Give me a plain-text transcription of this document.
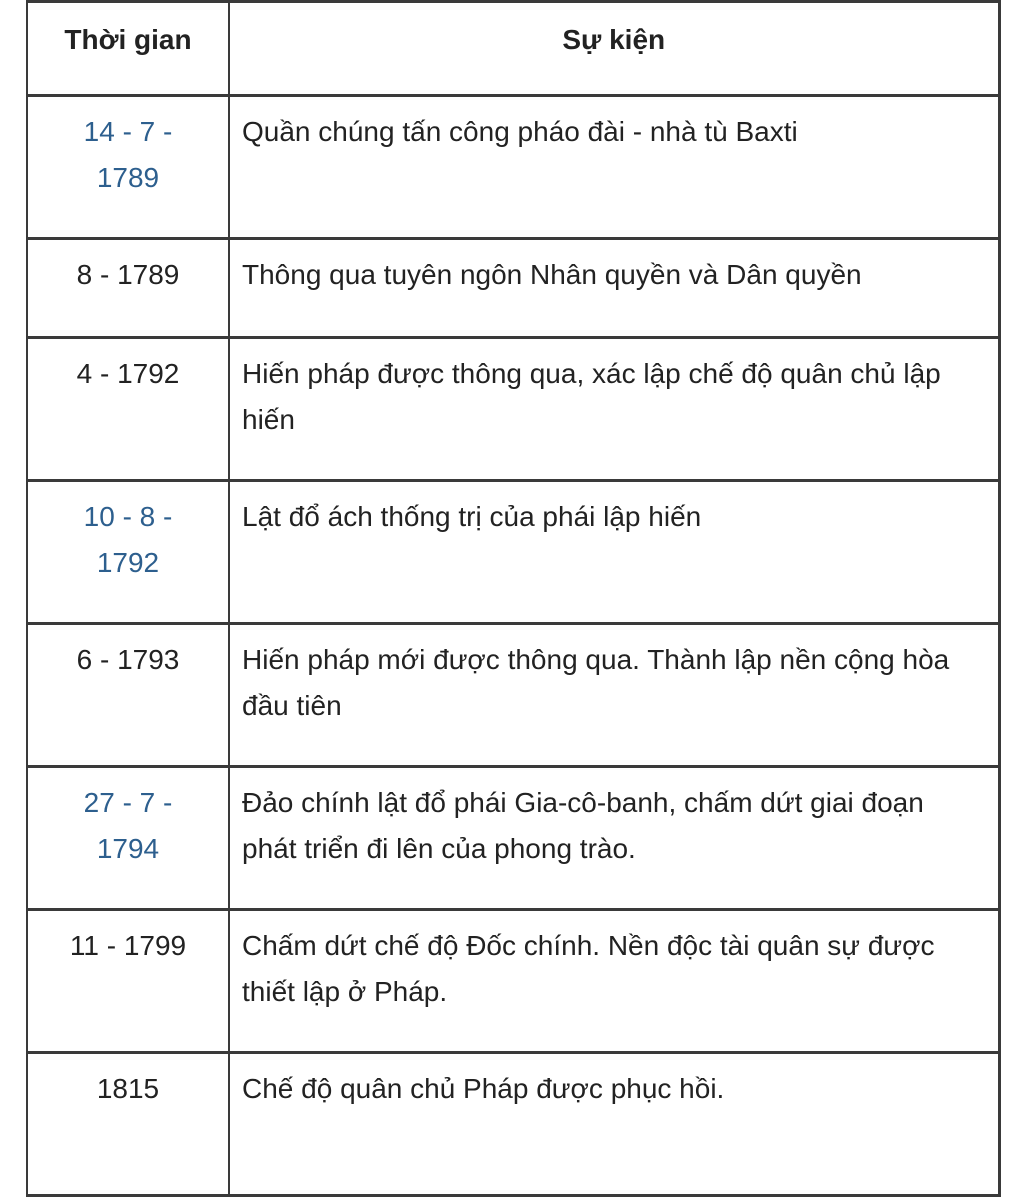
Thời gian	Sự kiện
14 - 7 - 1789	Quần chúng tấn công pháo đài - nhà tù Baxti
8 - 1789	Thông qua tuyên ngôn Nhân quyền và Dân quyền
4 - 1792	Hiến pháp được thông qua, xác lập chế độ quân chủ lập hiến
10 - 8 - 1792	Lật đổ ách thống trị của phái lập hiến
6 - 1793	Hiến pháp mới được thông qua. Thành lập nền cộng hòa đầu tiên
27 - 7 - 1794	Đảo chính lật đổ phái Gia-cô-banh, chấm dứt giai đoạn phát triển đi lên của phong trào.
11 - 1799	Chấm dứt chế độ Đốc chính. Nền độc tài quân sự được thiết lập ở Pháp.
1815	Chế độ quân chủ Pháp được phục hồi.
